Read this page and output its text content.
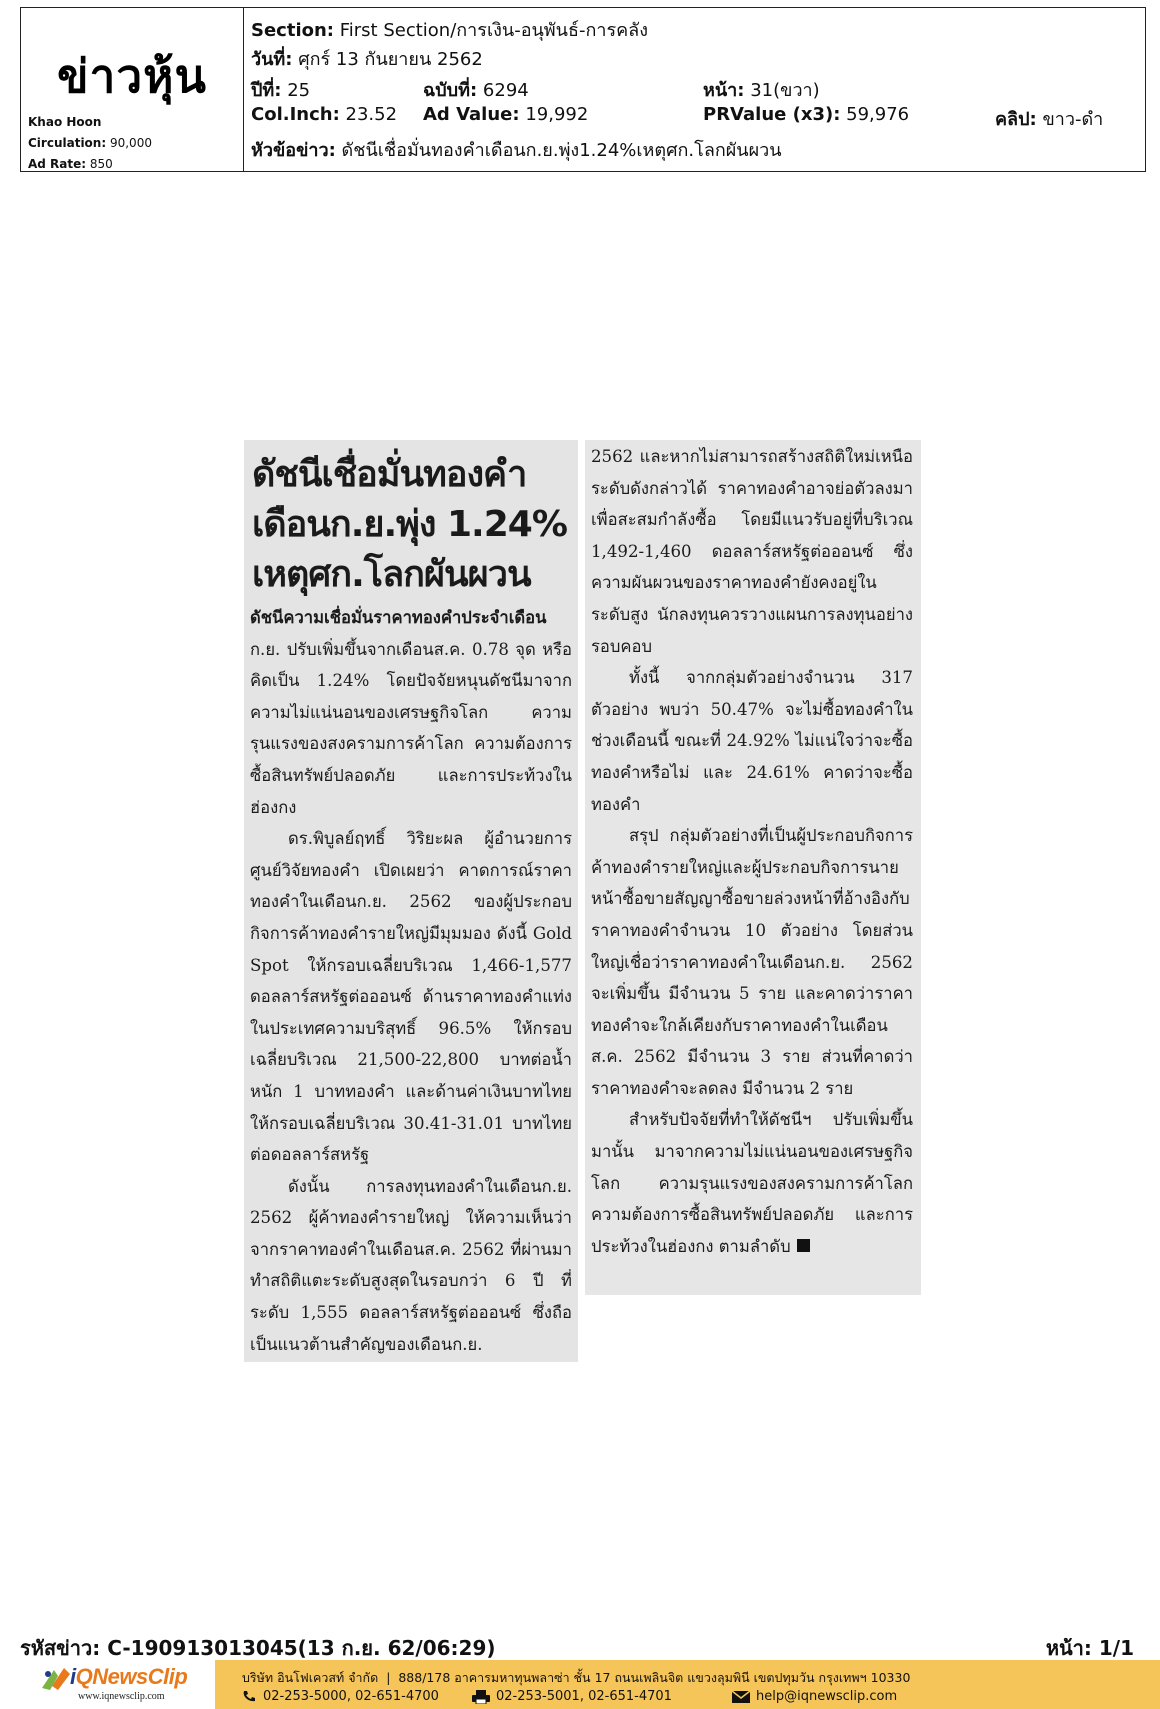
ข่าวหุ้น
Khao Hoon
Circulation: 90,000
Ad Rate: 850
Section: First Section/การเงิน-อนุพันธ์-การคลัง
วันที่: ศุกร์ 13 กันยายน 2562
ปีที่: 25	ฉบับที่: 6294	หน้า: 31(ขวา)
Col.Inch: 23.52 Ad Value: 19,992	PRValue (x3): 59,976	คลิป: ขาว-ดำ
หัวข้อข่าว: ดัชนีเชื่อมั่นทองคำเดือนก.ย.พุ่ง1.24%เหตุศก.โลกผันผวน
ดัชนีเชื่อมั่นทองคำ
เดือนก.ย.พุ่ง 1.24%
เหตุศก.โลกผันผวน

ดัชนีความเชื่อมั่นราคาทองคำประจำเดือน

ก.ย. ปรับเพิ่มขึ้นจากเดือนส.ค. 0.78 จุด หรือคิดเป็น 1.24% โดยปัจจัยหนุนดัชนีมาจากความไม่แน่นอนของเศรษฐกิจโลก ความรุนแรงของสงครามการค้าโลก ความต้องการซื้อสินทรัพย์ปลอดภัย และการประท้วงในฮ่องกง

ดร.พิบูลย์ฤทธิ์ วิริยะผล ผู้อำนวยการศูนย์วิจัยทองคำ เปิดเผยว่า คาดการณ์ราคาทองคำในเดือนก.ย. 2562 ของผู้ประกอบกิจการค้าทองคำรายใหญ่มีมุมมอง ดังนี้ Gold Spot ให้กรอบเฉลี่ยบริเวณ 1,466-1,577 ดอลลาร์สหรัฐต่อออนซ์ ด้านราคาทองคำแท่งในประเทศความบริสุทธิ์ 96.5% ให้กรอบเฉลี่ยบริเวณ 21,500-22,800 บาทต่อน้ำหนัก 1 บาททองคำ และด้านค่าเงินบาทไทย ให้กรอบเฉลี่ยบริเวณ 30.41-31.01 บาทไทย ต่อดอลลาร์สหรัฐ

ดังนั้น การลงทุนทองคำในเดือนก.ย. 2562 ผู้ค้าทองคำรายใหญ่ ให้ความเห็นว่า จากราคาทองคำในเดือนส.ค. 2562 ที่ผ่านมา ทำสถิติแตะระดับสูงสุดในรอบกว่า 6 ปี ที่ระดับ 1,555 ดอลลาร์สหรัฐต่อออนซ์ ซึ่งถือเป็นแนวต้านสำคัญของเดือนก.ย.

2562 และหากไม่สามารถสร้างสถิติใหม่เหนือระดับดังกล่าวได้ ราคาทองคำอาจย่อตัวลงมาเพื่อสะสมกำลังซื้อ โดยมีแนวรับอยู่ที่บริเวณ 1,492-1,460 ดอลลาร์สหรัฐต่อออนซ์ ซึ่งความผันผวนของราคาทองคำยังคงอยู่ในระดับสูง นักลงทุนควรวางแผนการลงทุนอย่างรอบคอบ

ทั้งนี้ จากกลุ่มตัวอย่างจำนวน 317 ตัวอย่าง พบว่า 50.47% จะไม่ซื้อทองคำในช่วงเดือนนี้ ขณะที่ 24.92% ไม่แน่ใจว่าจะซื้อทองคำหรือไม่ และ 24.61% คาดว่าจะซื้อทองคำ

สรุป กลุ่มตัวอย่างที่เป็นผู้ประกอบกิจการค้าทองคำรายใหญ่และผู้ประกอบกิจการนายหน้าซื้อขายสัญญาซื้อขายล่วงหน้าที่อ้างอิงกับราคาทองคำจำนวน 10 ตัวอย่าง โดยส่วนใหญ่เชื่อว่าราคาทองคำในเดือนก.ย. 2562 จะเพิ่มขึ้น มีจำนวน 5 ราย และคาดว่าราคาทองคำจะใกล้เคียงกับราคาทองคำในเดือนส.ค. 2562 มีจำนวน 3 ราย ส่วนที่คาดว่าราคาทองคำจะลดลง มีจำนวน 2 ราย

สำหรับปัจจัยที่ทำให้ดัชนีฯ ปรับเพิ่มขึ้นมานั้น มาจากความไม่แน่นอนของเศรษฐกิจโลก ความรุนแรงของสงครามการค้าโลก ความต้องการซื้อสินทรัพย์ปลอดภัย และการประท้วงในฮ่องกง ตามลำดับ

รหัสข่าว: C-190913013045(13 ก.ย. 62/06:29)	หน้า: 1/1
iQNewsClip
www.iqnewsclip.com
บริษัท อินโฟเควสท์ จำกัด  |  888/178 อาคารมหาทุนพลาซ่า ชั้น 17 ถนนเพลินจิต แขวงลุมพินี เขตปทุมวัน กรุงเทพฯ 10330
02-253-5000, 02-651-4700	02-253-5001, 02-651-4701	help@iqnewsclip.com
